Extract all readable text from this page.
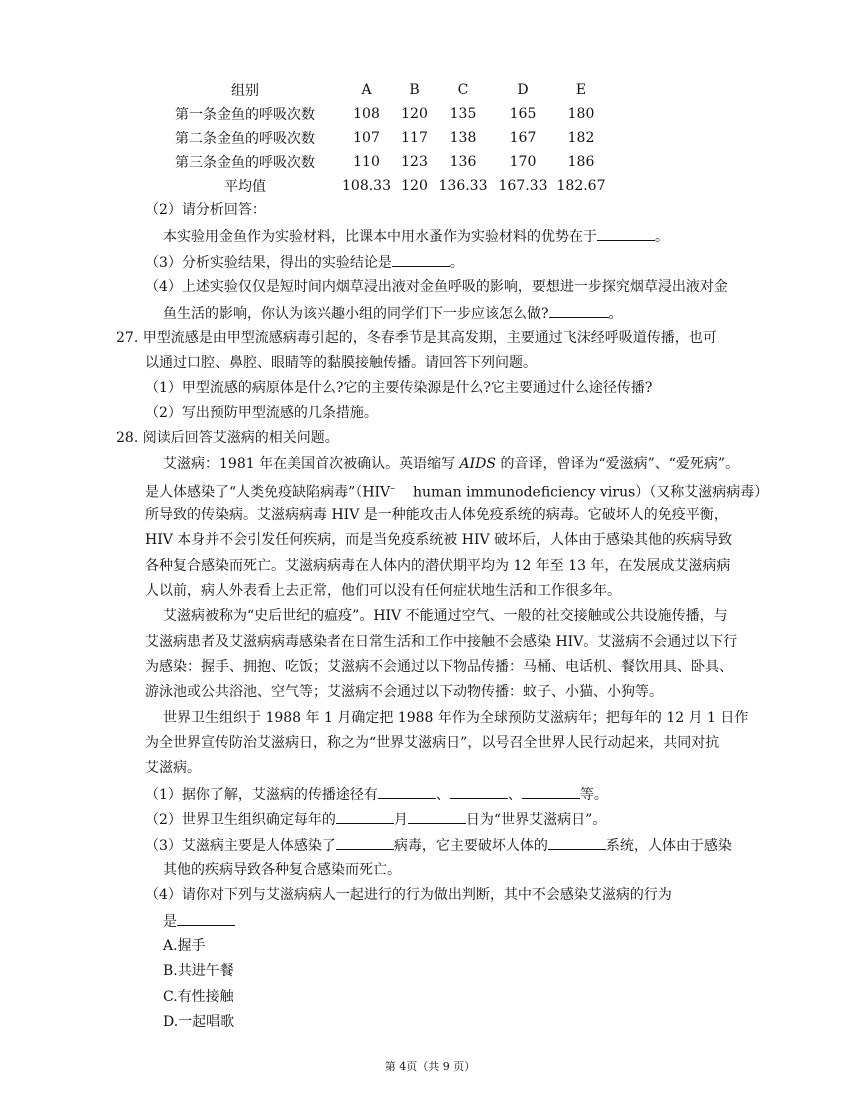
组别	A	B	C	D	E
第一条金鱼的呼吸次数	108	120	135	165	180
第二条金鱼的呼吸次数	107	117	138	167	182
第三条金鱼的呼吸次数	110	123	136	170	186
平均值	108.33	120	136.33	167.33	182.67
（2）请分析回答：
本实验用金鱼作为实验材料，比课本中用水蚤作为实验材料的优势在于	。
（3）分析实验结果，得出的实验结论是	。
（4）上述实验仅仅是短时间内烟草浸出液对金鱼呼吸的影响，要想进一步探究烟草浸出液对金
鱼生活的影响，你认为该兴趣小组的同学们下一步应该怎么做?	。
27. 甲型流感是由甲型流感病毒引起的，冬春季节是其高发期，主要通过飞沫经呼吸道传播，也可
以通过口腔、鼻腔、眼睛等的黏膜接触传播。请回答下列问题。
（1）甲型流感的病原体是什么?它的主要传染源是什么?它主要通过什么途径传播?
（2）写出预防甲型流感的几条措施。
28. 阅读后回答艾滋病的相关问题。
艾滋病：1981 年在美国首次被确认。英语缩写 AIDS 的音译，曾译为“爱滋病”、“爱死病”。
是人体感染了“人类免疫缺陷病毒”（HIV–    human immunodeficiency virus）（又称艾滋病病毒）
所导致的传染病。艾滋病病毒 HIV 是一种能攻击人体免疫系统的病毒。它破坏人的免疫平衡，
HIV 本身并不会引发任何疾病，而是当免疫系统被 HIV 破坏后，人体由于感染其他的疾病导致
各种复合感染而死亡。艾滋病病毒在人体内的潜伏期平均为 12 年至 13 年，在发展成艾滋病病
人以前，病人外表看上去正常，他们可以没有任何症状地生活和工作很多年。
艾滋病被称为“史后世纪的瘟疫”。HIV 不能通过空气、一般的社交接触或公共设施传播，与
艾滋病患者及艾滋病病毒感染者在日常生活和工作中接触不会感染 HIV。艾滋病不会通过以下行
为感染：握手、拥抱、吃饭；艾滋病不会通过以下物品传播：马桶、电话机、餐饮用具、卧具、
游泳池或公共浴池、空气等；艾滋病不会通过以下动物传播：蚊子、小猫、小狗等。
世界卫生组织于 1988 年 1 月确定把 1988 年作为全球预防艾滋病年；把每年的 12 月 1 日作
为全世界宣传防治艾滋病日，称之为“世界艾滋病日”，以号召全世界人民行动起来，共同对抗
艾滋病。
（1）据你了解，艾滋病的传播途径有	、	、	等。
（2）世界卫生组织确定每年的	月	日为“世界艾滋病日”。
（3）艾滋病主要是人体感染了	病毒，它主要破坏人体的	系统，人体由于感染
其他的疾病导致各种复合感染而死亡。
（4）请你对下列与艾滋病病人一起进行的行为做出判断，其中不会感染艾滋病的行为
是
A.握手
B.共进午餐
C.有性接触
D.一起唱歌
第 4页（共 9 页）
